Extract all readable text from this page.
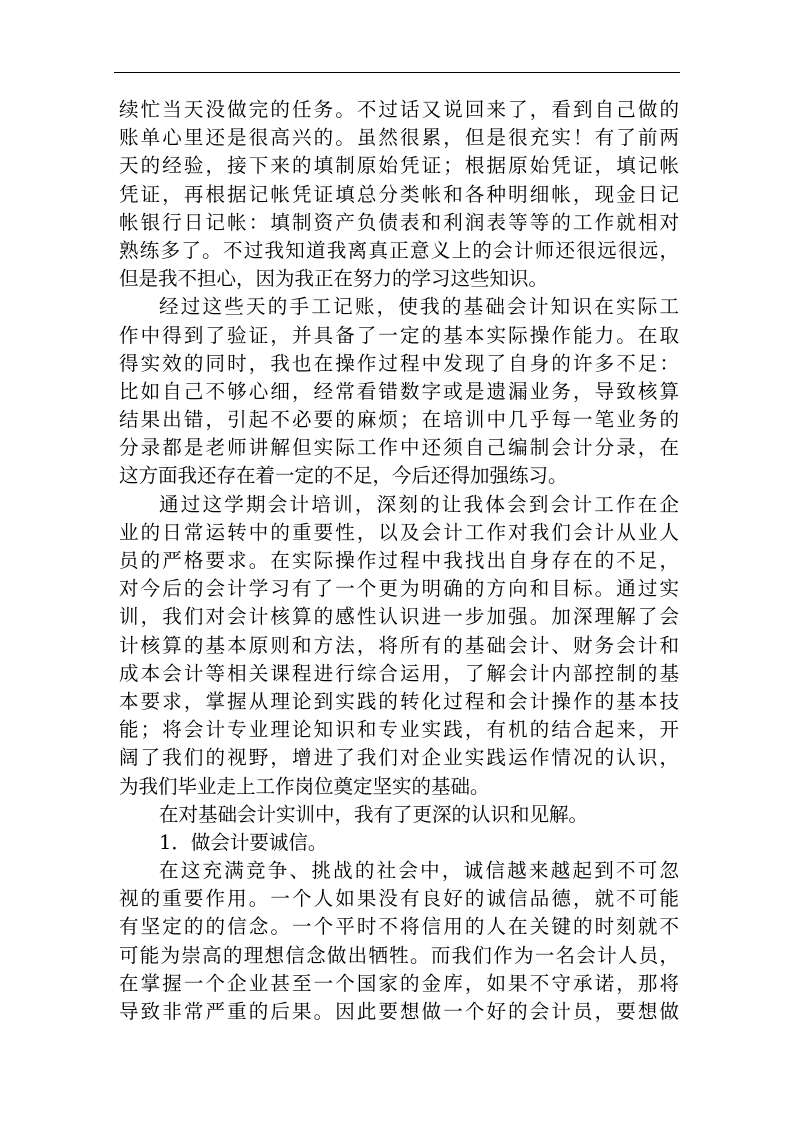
续忙当天没做完的任务。不过话又说回来了，看到自己做的
账单心里还是很高兴的。虽然很累，但是很充实！有了前两
天的经验，接下来的填制原始凭证；根据原始凭证，填记帐
凭证，再根据记帐凭证填总分类帐和各种明细帐，现金日记
帐银行日记帐：填制资产负债表和利润表等等的工作就相对
熟练多了。不过我知道我离真正意义上的会计师还很远很远，
但是我不担心，因为我正在努力的学习这些知识。
经过这些天的手工记账，使我的基础会计知识在实际工
作中得到了验证，并具备了一定的基本实际操作能力。在取
得实效的同时，我也在操作过程中发现了自身的许多不足：
比如自己不够心细，经常看错数字或是遗漏业务，导致核算
结果出错，引起不必要的麻烦；在培训中几乎每一笔业务的
分录都是老师讲解但实际工作中还须自己编制会计分录，在
这方面我还存在着一定的不足，今后还得加强练习。
通过这学期会计培训，深刻的让我体会到会计工作在企
业的日常运转中的重要性，以及会计工作对我们会计从业人
员的严格要求。在实际操作过程中我找出自身存在的不足，
对今后的会计学习有了一个更为明确的方向和目标。通过实
训，我们对会计核算的感性认识进一步加强。加深理解了会
计核算的基本原则和方法，将所有的基础会计、财务会计和
成本会计等相关课程进行综合运用，了解会计内部控制的基
本要求，掌握从理论到实践的转化过程和会计操作的基本技
能；将会计专业理论知识和专业实践，有机的结合起来，开
阔了我们的视野，增进了我们对企业实践运作情况的认识，
为我们毕业走上工作岗位奠定坚实的基础。
在对基础会计实训中，我有了更深的认识和见解。
1．做会计要诚信。
在这充满竞争、挑战的社会中，诚信越来越起到不可忽
视的重要作用。一个人如果没有良好的诚信品德，就不可能
有坚定的的信念。一个平时不将信用的人在关键的时刻就不
可能为崇高的理想信念做出牺牲。而我们作为一名会计人员，
在掌握一个企业甚至一个国家的金库，如果不守承诺，那将
导致非常严重的后果。因此要想做一个好的会计员，要想做
